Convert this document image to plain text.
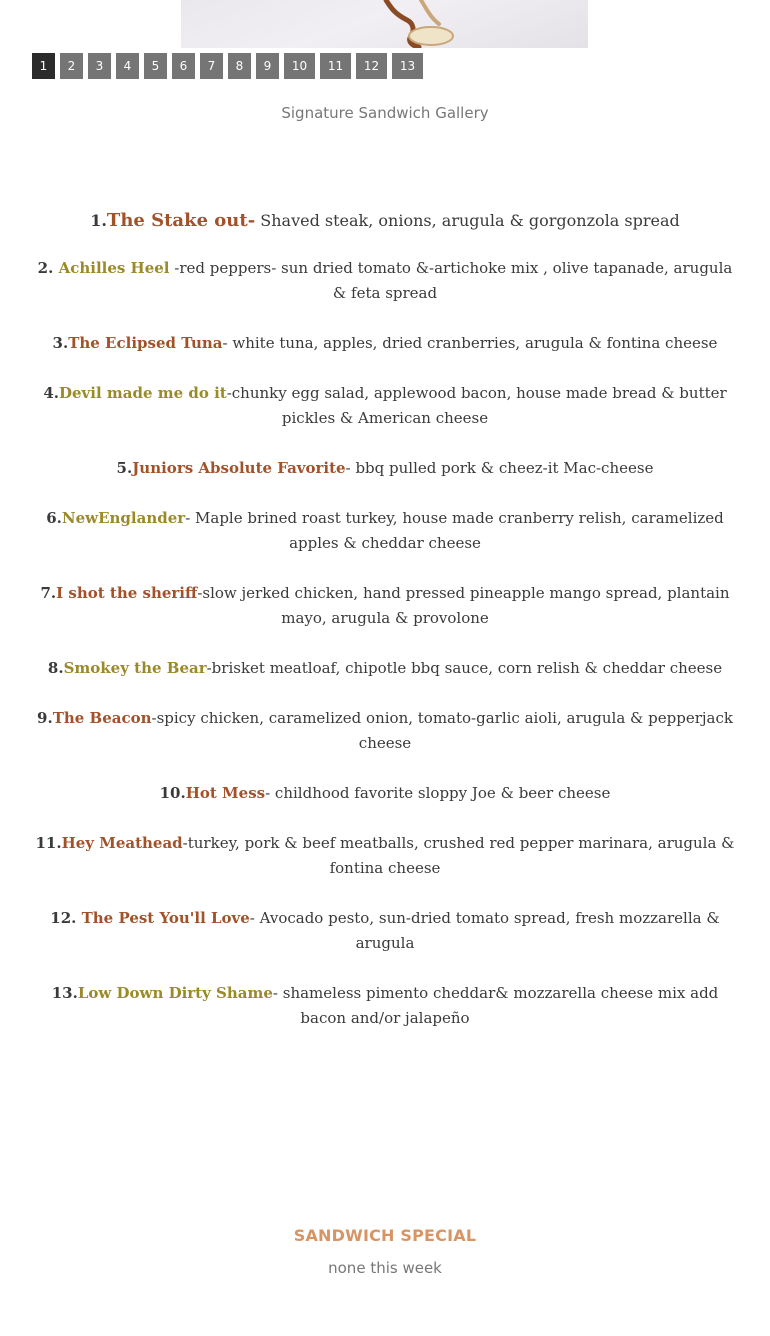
1	2	3	4	5	6	7	8	9	10	11	12	13
Signature Sandwich Gallery

1.The Stake out- Shaved steak, onions, arugula & gorgonzola spread

2. Achilles Heel -red peppers- sun dried tomato &-artichoke mix , olive tapanade, arugula & feta spread

3.The Eclipsed Tuna- white tuna, apples, dried cranberries, arugula & fontina cheese

4.Devil made me do it-chunky egg salad, applewood bacon, house made bread & butter pickles & American cheese

5.Juniors Absolute Favorite- bbq pulled pork & cheez-it Mac-cheese

6.NewEnglander- Maple brined roast turkey, house made cranberry relish, caramelized apples & cheddar cheese

7.I shot the sheriff-slow jerked chicken, hand pressed pineapple mango spread, plantain mayo, arugula & provolone

8.Smokey the Bear-brisket meatloaf, chipotle bbq sauce, corn relish & cheddar cheese

9.The Beacon-spicy chicken, caramelized onion, tomato-garlic aioli, arugula & pepperjack cheese

10.Hot Mess- childhood favorite sloppy Joe & beer cheese

11.Hey Meathead-turkey, pork & beef meatballs, crushed red pepper marinara, arugula & fontina cheese

12. The Pest You'll Love- Avocado pesto, sun-dried tomato spread, fresh mozzarella & arugula

13.Low Down Dirty Shame- shameless pimento cheddar& mozzarella cheese mix add bacon and/or jalapeño

SANDWICH SPECIAL
none this week
